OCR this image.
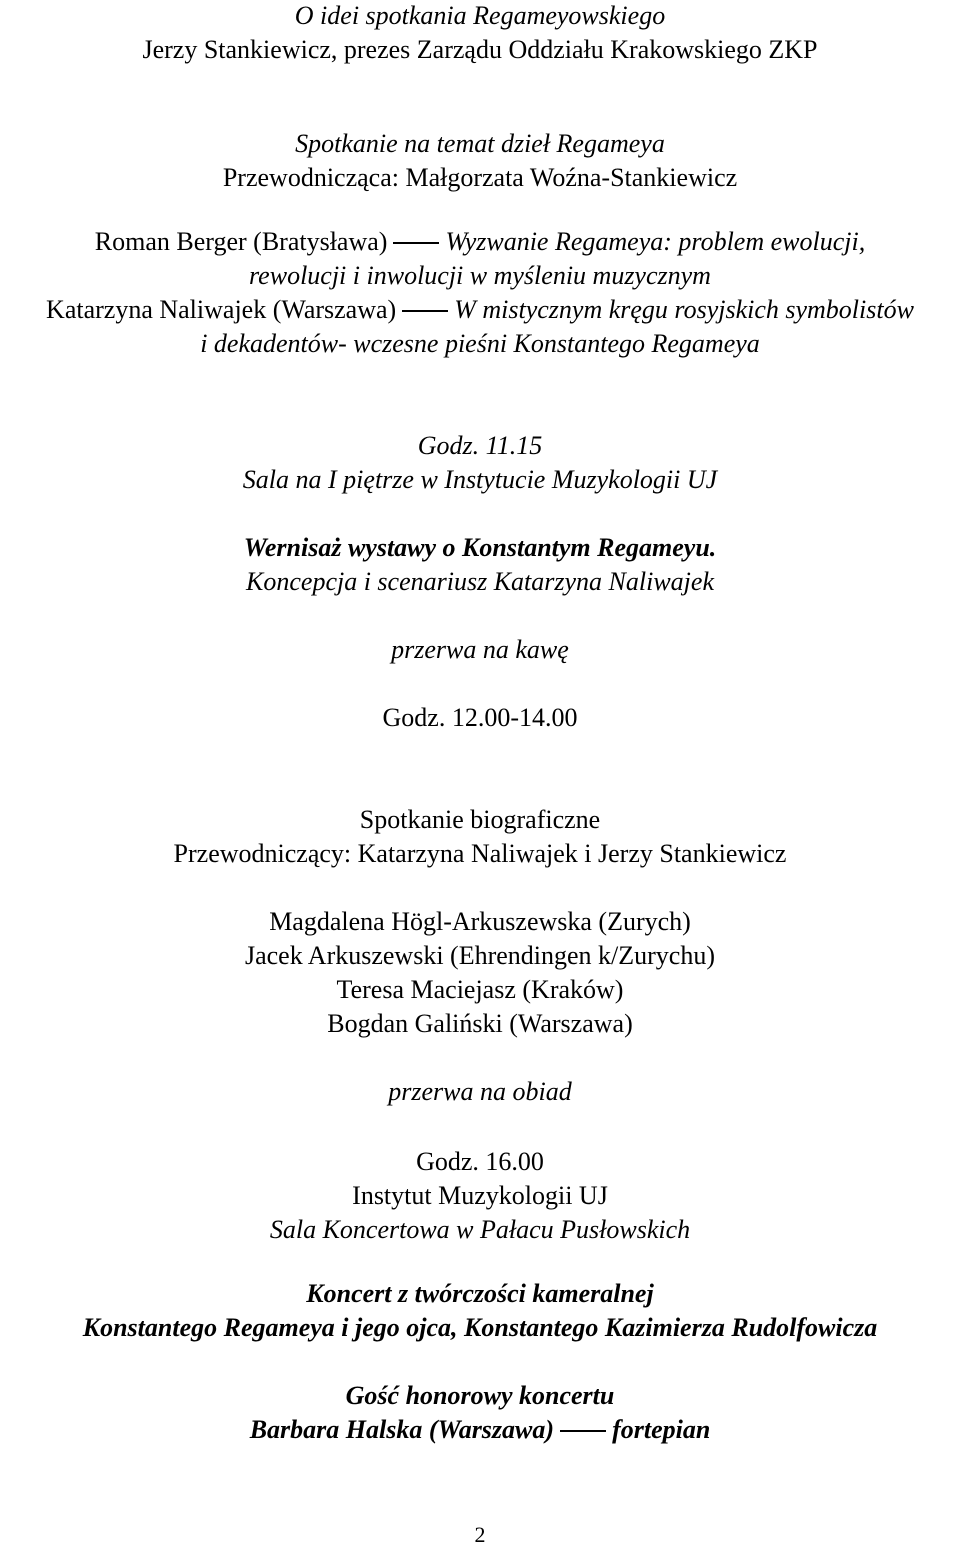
O idei spotkania Regameyowskiego
Jerzy Stankiewicz, prezes Zarządu Oddziału Krakowskiego ZKP
Spotkanie na temat dzieł Regameya
Przewodnicząca: Małgorzata Woźna-Stankiewicz
Roman Berger (Bratysława) Wyzwanie Regameya: problem ewolucji,
rewolucji i inwolucji w myśleniu muzycznym
Katarzyna Naliwajek (Warszawa) W mistycznym kręgu rosyjskich symbolistów
i dekadentów- wczesne pieśni Konstantego Regameya
Godz. 11.15
Sala na I piętrze w Instytucie Muzykologii UJ
Wernisaż wystawy o Konstantym Regameyu.
Koncepcja i scenariusz Katarzyna Naliwajek
przerwa na kawę
Godz. 12.00-14.00
Spotkanie biograficzne
Przewodniczący: Katarzyna Naliwajek i Jerzy Stankiewicz
Magdalena Högl-Arkuszewska (Zurych)
Jacek Arkuszewski (Ehrendingen k/Zurychu)
Teresa Maciejasz (Kraków)
Bogdan Galiński (Warszawa)
przerwa na obiad
Godz. 16.00
Instytut Muzykologii UJ
Sala Koncertowa w Pałacu Pusłowskich
Koncert z twórczości kameralnej
Konstantego Regameya i jego ojca, Konstantego Kazimierza Rudolfowicza
Gość honorowy koncertu
Barbara Halska (Warszawa) fortepian
2
